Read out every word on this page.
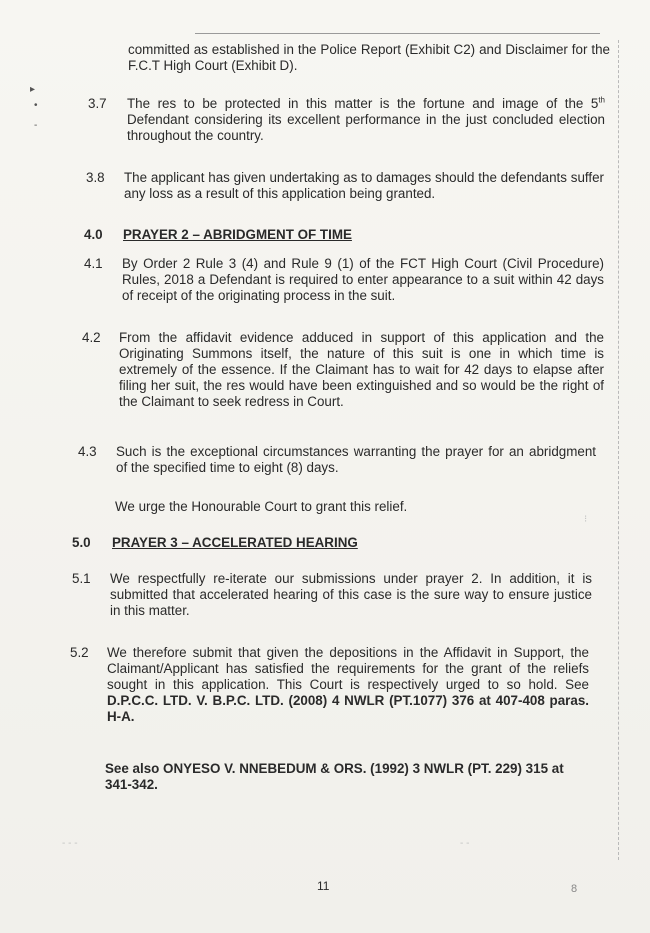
▸
•
-
committed as established in the Police Report (Exhibit C2) and Disclaimer for the F.C.T High Court (Exhibit D).
3.7 The res to be protected in this matter is the fortune and image of the 5th Defendant considering its excellent performance in the just concluded election throughout the country.
3.8 The applicant has given undertaking as to damages should the defendants suffer any loss as a result of this application being granted.
4.0 PRAYER 2 – ABRIDGMENT OF TIME
4.1 By Order 2 Rule 3 (4) and Rule 9 (1) of the FCT High Court (Civil Procedure) Rules, 2018 a Defendant is required to enter appearance to a suit within 42 days of receipt of the originating process in the suit.
4.2 From the affidavit evidence adduced in support of this application and the Originating Summons itself, the nature of this suit is one in which time is extremely of the essence. If the Claimant has to wait for 42 days to elapse after filing her suit, the res would have been extinguished and so would be the right of the Claimant to seek redress in Court.
4.3 Such is the exceptional circumstances warranting the prayer for an abridgment of the specified time to eight (8) days.
We urge the Honourable Court to grant this relief.
5.0 PRAYER 3 – ACCELERATED HEARING
5.1 We respectfully re-iterate our submissions under prayer 2. In addition, it is submitted that accelerated hearing of this case is the sure way to ensure justice in this matter.
5.2 We therefore submit that given the depositions in the Affidavit in Support, the Claimant/Applicant has satisfied the requirements for the grant of the reliefs sought in this application. This Court is respectively urged to so hold. See D.P.C.C. LTD. V. B.P.C. LTD. (2008) 4 NWLR (PT.1077) 376 at 407-408 paras. H-A.
See also ONYESO V. NNEBEDUM & ORS. (1992) 3 NWLR (PT. 229) 315 at 341-342.
⁝
- - -	- -
11	8
